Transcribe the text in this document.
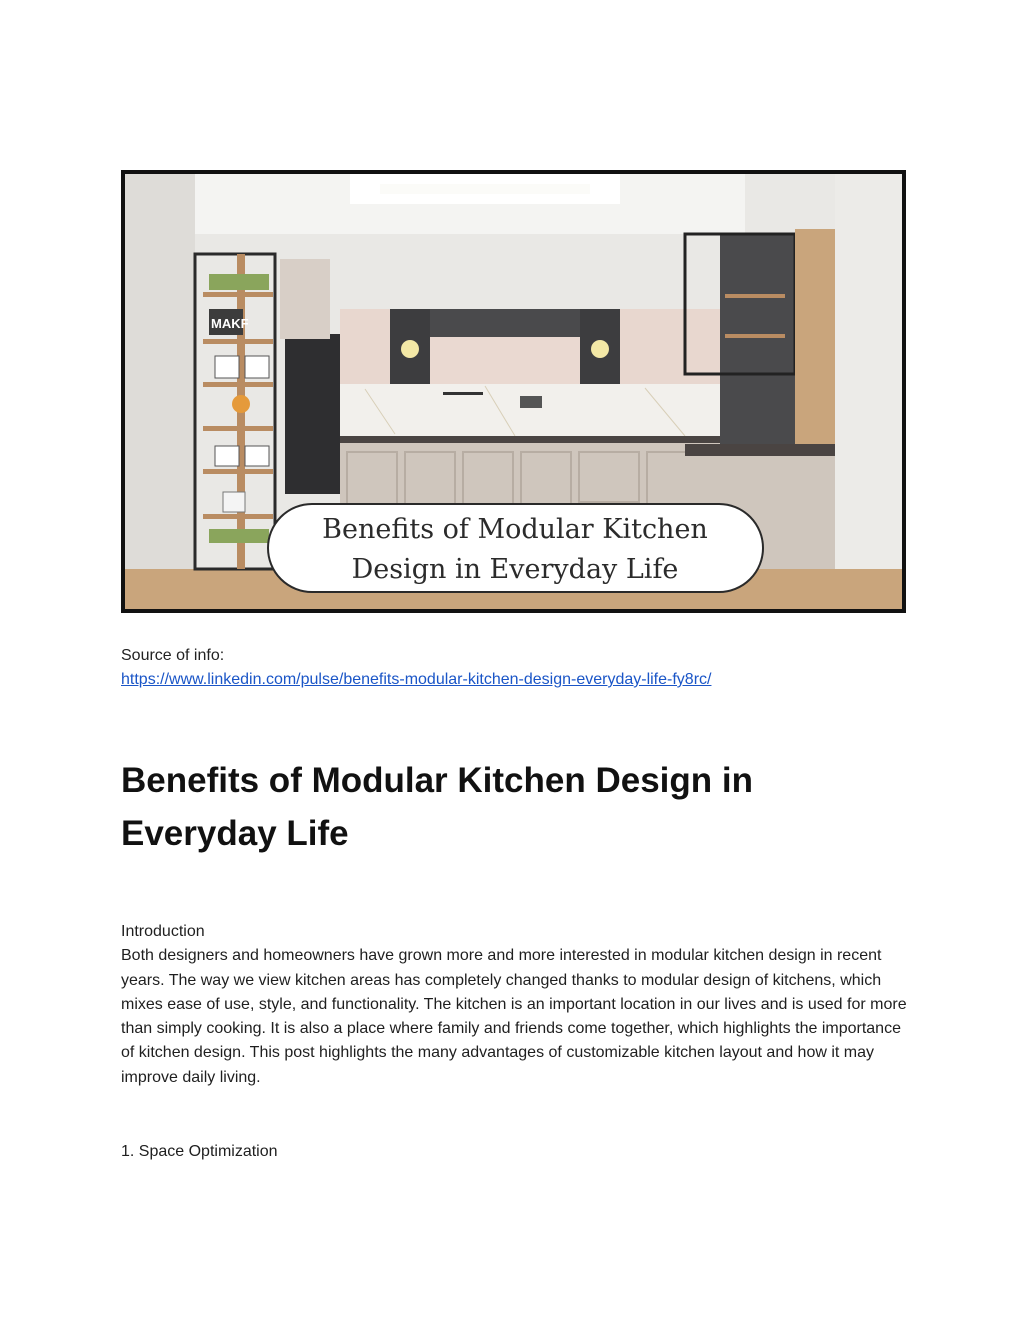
MAKF
Benefits of Modular Kitchen
Design in Everyday Life
Source of info:
https://www.linkedin.com/pulse/benefits-modular-kitchen-design-everyday-life-fy8rc/
Benefits of Modular Kitchen Design in Everyday Life

Introduction

Both designers and homeowners have grown more and more interested in modular kitchen design in recent years. The way we view kitchen areas has completely changed thanks to modular design of kitchens, which mixes ease of use, style, and functionality. The kitchen is an important location in our lives and is used for more than simply cooking. It is also a place where family and friends come together, which highlights the importance of kitchen design. This post highlights the many advantages of customizable kitchen layout and how it may improve daily living.

1. Space Optimization
